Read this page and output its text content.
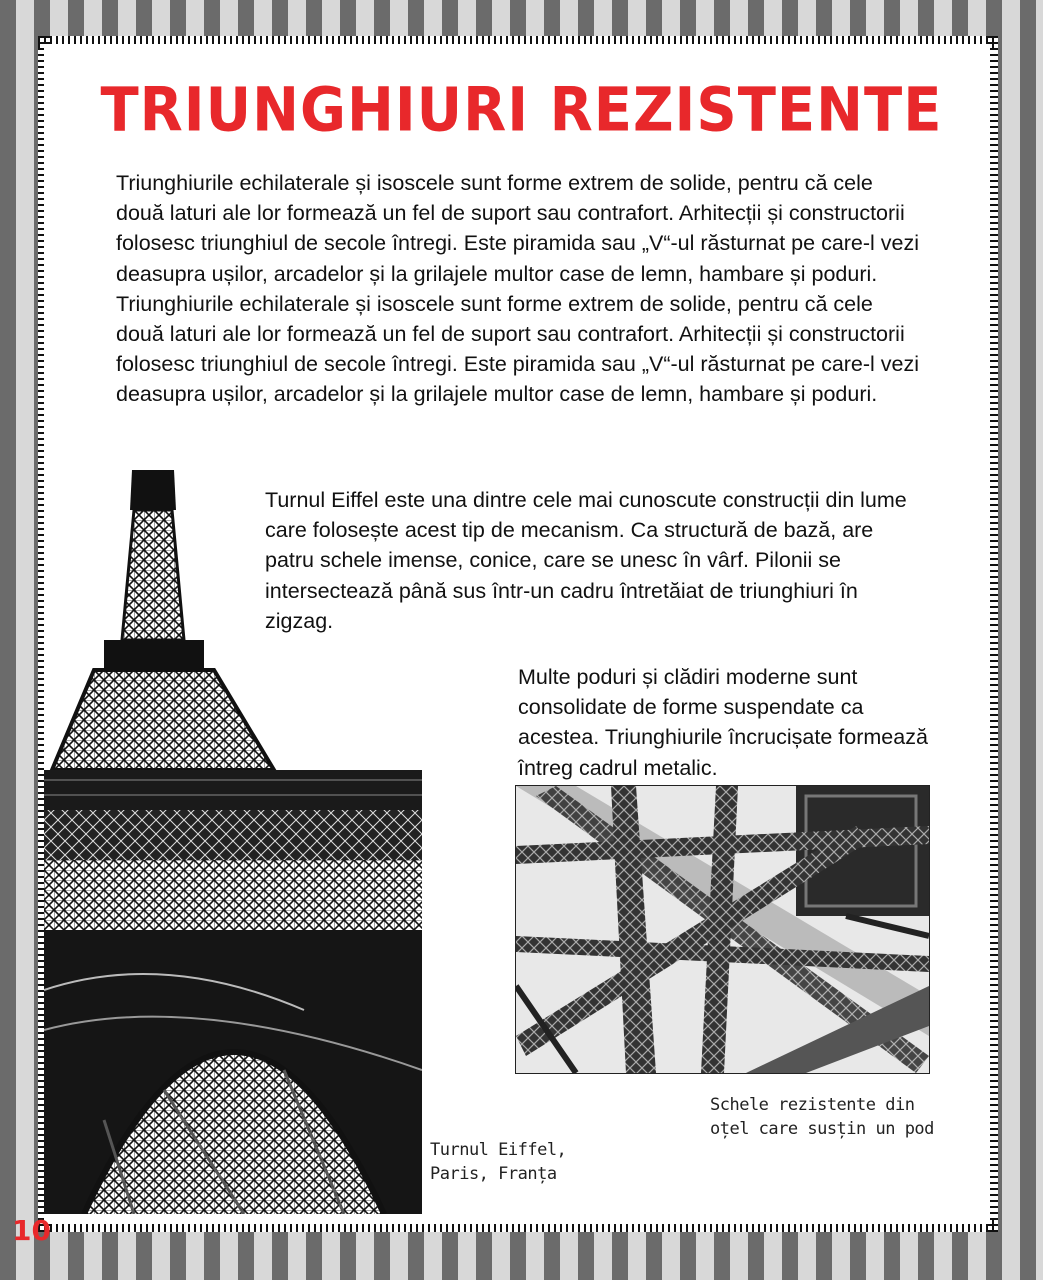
TRIUNGHIURI REZISTENTE

Triunghiurile echilaterale și isoscele sunt forme extrem de solide, pentru că cele două laturi ale lor formează un fel de suport sau contrafort. Arhitecții și constructorii folosesc triunghiul de secole întregi. Este piramida sau „V“-ul răsturnat pe care-l vezi deasupra ușilor, arcadelor și la grilajele multor case de lemn, hambare și poduri. Triunghiurile echilaterale și isoscele sunt forme extrem de solide, pentru că cele două laturi ale lor formează un fel de suport sau contrafort. Arhitecții și constructorii folosesc triunghiul de secole întregi. Este piramida sau „V“-ul răsturnat pe care-l vezi deasupra ușilor, arcadelor și la grilajele multor case de lemn, hambare și poduri.

Turnul Eiffel este una dintre cele mai cunoscute construcții din lume care folosește acest tip de mecanism. Ca structură de bază, are patru schele imense, conice, care se unesc în vârf. Pilonii se intersectează până sus într-un cadru întretăiat de triunghiuri în zigzag.

Multe poduri și clădiri moderne sunt consolidate de forme suspendate ca acestea. Triunghiurile încrucișate formează întreg cadrul metalic.

Schele rezistente din oțel care susțin un pod

Turnul Eiffel,
Paris, Franța

10
